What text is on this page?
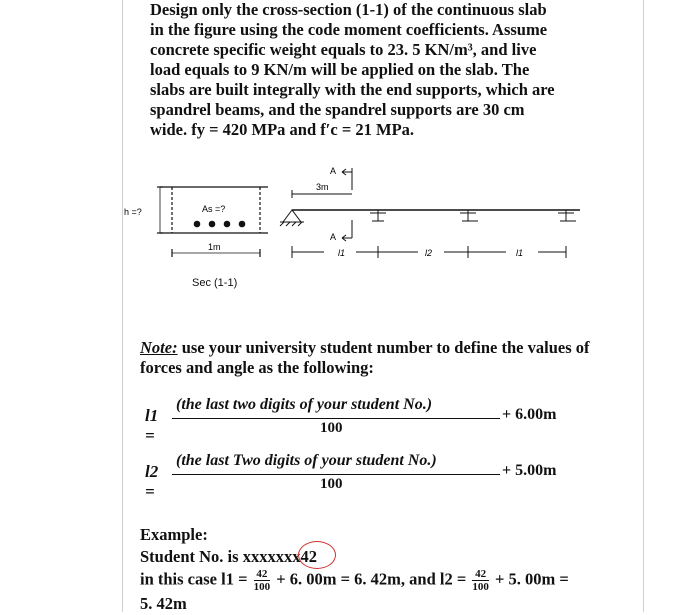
Design only the cross-section (1-1) of the continuous slab
in the figure using the code moment coefficients. Assume
concrete specific weight equals to 23. 5 KN/m³, and live
load equals to 9 KN/m will be applied on the slab. The
slabs are built integrally with the end supports, which are
spandrel beams, and the spandrel supports are 30 cm
wide. fy = 420 MPa and f′c = 21 MPa.
h =?	As =?
1m
A
A
3m
l1	l2	l1
Sec (1-1)
Note: use your university student number to define the values of forces and angle as the following:
l1 =
(the last two digits of your student No.)
100
+ 6.00m
l2 =
(the last Two digits of your student No.)
100
+ 5.00m
Example:
Student No. is xxxxxxx42
in this case $l1 = \frac{42}{100} + 6$. 00m = 6. 42m, and $l2 = \frac{42}{100} + 5$. 00m =
5. 42m
